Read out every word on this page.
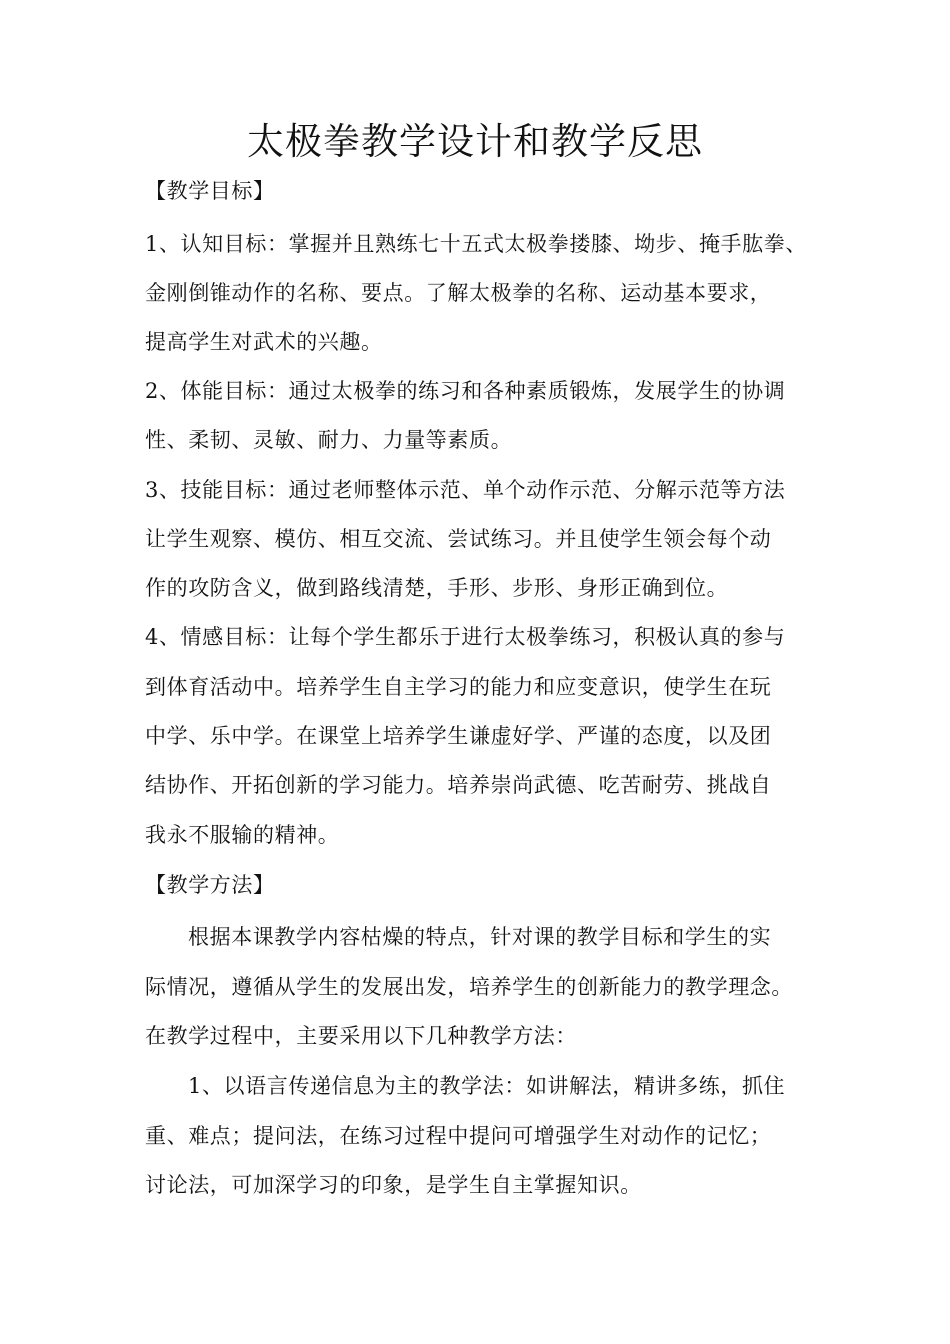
太极拳教学设计和教学反思
【教学目标】
1、认知目标：掌握并且熟练七十五式太极拳搂膝、坳步、掩手肱拳、
金刚倒锥动作的名称、要点。了解太极拳的名称、运动基本要求，
提高学生对武术的兴趣。
2、体能目标：通过太极拳的练习和各种素质锻炼，发展学生的协调
性、柔韧、灵敏、耐力、力量等素质。
3、技能目标：通过老师整体示范、单个动作示范、分解示范等方法
让学生观察、模仿、相互交流、尝试练习。并且使学生领会每个动
作的攻防含义，做到路线清楚，手形、步形、身形正确到位。
4、情感目标：让每个学生都乐于进行太极拳练习，积极认真的参与
到体育活动中。培养学生自主学习的能力和应变意识，使学生在玩
中学、乐中学。在课堂上培养学生谦虚好学、严谨的态度，以及团
结协作、开拓创新的学习能力。培养崇尚武德、吃苦耐劳、挑战自
我永不服输的精神。
【教学方法】
根据本课教学内容枯燥的特点，针对课的教学目标和学生的实
际情况，遵循从学生的发展出发，培养学生的创新能力的教学理念。
在教学过程中，主要采用以下几种教学方法：
1、以语言传递信息为主的教学法：如讲解法，精讲多练，抓住
重、难点；提问法，在练习过程中提问可增强学生对动作的记忆；
讨论法，可加深学习的印象，是学生自主掌握知识。
